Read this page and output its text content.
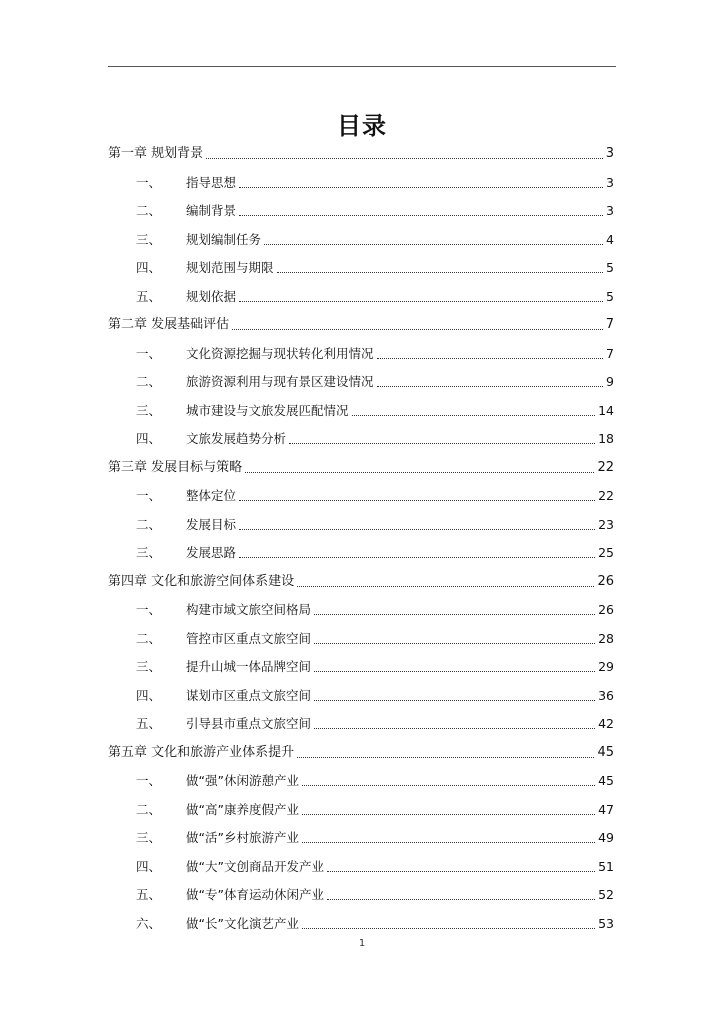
目录
第一章 规划背景	3
一、	指导思想	3
二、	编制背景	3
三、	规划编制任务	4
四、	规划范围与期限	5
五、	规划依据	5
第二章 发展基础评估	7
一、	文化资源挖掘与现状转化利用情况	7
二、	旅游资源利用与现有景区建设情况	9
三、	城市建设与文旅发展匹配情况	14
四、	文旅发展趋势分析	18
第三章 发展目标与策略	22
一、	整体定位	22
二、	发展目标	23
三、	发展思路	25
第四章 文化和旅游空间体系建设	26
一、	构建市域文旅空间格局	26
二、	管控市区重点文旅空间	28
三、	提升山城一体品牌空间	29
四、	谋划市区重点文旅空间	36
五、	引导县市重点文旅空间	42
第五章 文化和旅游产业体系提升	45
一、	做“强”休闲游憩产业	45
二、	做“高”康养度假产业	47
三、	做“活”乡村旅游产业	49
四、	做“大”文创商品开发产业	51
五、	做“专”体育运动休闲产业	52
六、	做“长”文化演艺产业	53
1
